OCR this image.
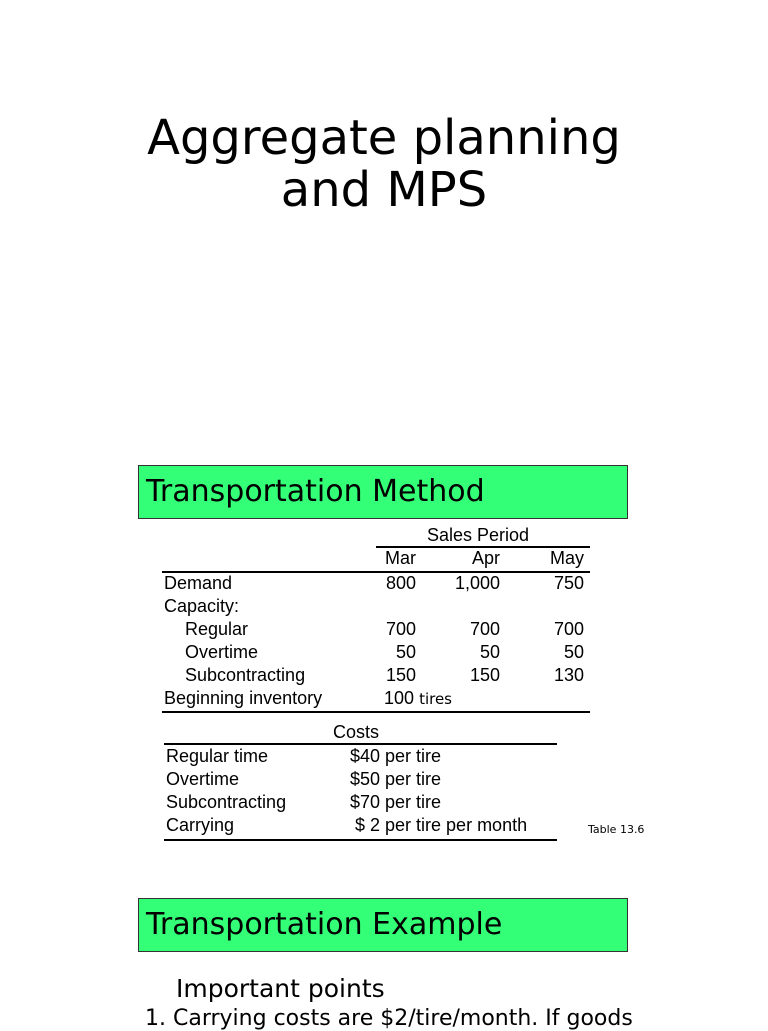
Aggregate planning
and MPS
Transportation Method
Sales Period
Mar	Apr	May
Demand	800	1,000	750
Capacity:
Regular	700	700	700
Overtime	50	50	50
Subcontracting	150	150	130
Beginning inventory	100 tires
Costs
Regular time	$40 per tire
Overtime	$50 per tire
Subcontracting	$70 per tire
Carrying	$ 2 per tire per month	Table 13.6
Transportation Example
Important points
1. Carrying costs are $2/tire/month. If goods
